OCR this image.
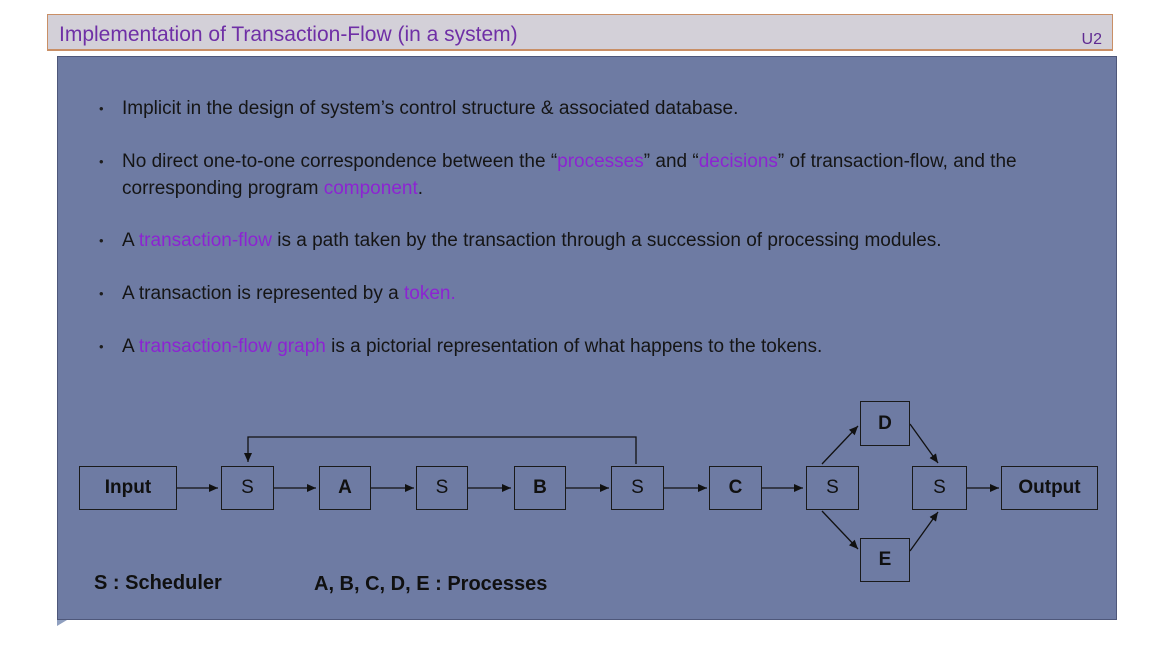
Implementation of Transaction-Flow (in a system)	U2
• Implicit in the design of system’s control structure & associated database.
• No direct one-to-one correspondence between the “processes” and “decisions” of transaction-flow, and the corresponding program component.
• A transaction-flow is a path taken by the transaction through a succession of processing modules.
• A transaction is represented by a token.
• A transaction-flow graph is a pictorial representation of what happens to the tokens.
Input	S	A	S	B	S	C	S	S	Output
D
E
S : Scheduler	A, B, C, D, E : Processes
